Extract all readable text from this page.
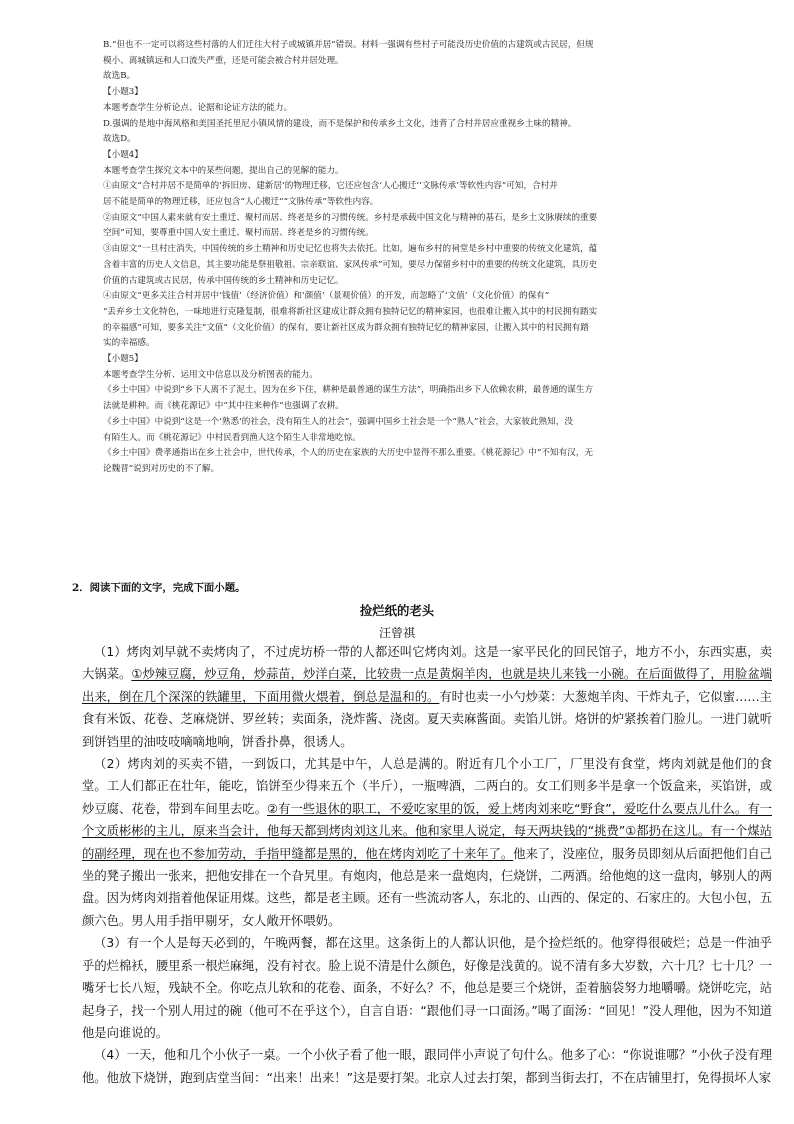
B.“但也不一定可以将这些村落的人们迁往大村子或城镇并居”错误。材料一强调有些村子可能没历史价值的古建筑或古民居，但规

模小、离城镇远和人口流失严重，还是可能会被合村并居处理。

故选B。

【小题3】

本题考查学生分析论点、论据和论证方法的能力。

D.强调的是地中海风格和美国圣托里尼小镇风情的建设，而不是保护和传承乡土文化，违背了合村并居应重视乡土味的精神。

故选D。

【小题4】

本题考查学生探究文本中的某些问题，提出自己的见解的能力。

①由原文“合村并居不是简单的‘拆旧房、建新居’的物理迁移，它还应包含‘人心搬迁’‘文脉传承’等软性内容”可知，合村并

居不能是简单的物理迁移，还应包含“人心搬迁”“文脉传承”等软性内容。

②由原文“中国人素来就有安土重迁、聚村而居、终老是乡的习惯传统。乡村是承载中国文化与精神的基石，是乡土文脉赓续的重要

空间”可知，要尊重中国人安土重迁、聚村而居、终老是乡的习惯传统。

③由原文“一旦村庄消失，中国传统的乡土精神和历史记忆也将失去依托。比如，遍布乡村的祠堂是乡村中重要的传统文化建筑，蕴

含着丰富的历史人文信息，其主要功能是祭祖敬祖、宗亲联谊、家风传承”可知，要尽力保留乡村中的重要的传统文化建筑，具历史

价值的古建筑或古民居，传承中国传统的乡土精神和历史记忆。

④由原文“更多关注合村并居中‘钱值’（经济价值）和‘颜值’（景观价值）的开发，而忽略了‘文值’（文化价值）的保有”

“丢弃乡土文化特色，一味地进行克隆复制，很难将新社区建成让群众拥有独特记忆的精神家园，也很难让搬入其中的村民拥有踏实

的幸福感”可知，要多关注“文值”（文化价值）的保有，要让新社区成为群众拥有独特记忆的精神家园，让搬入其中的村民拥有踏

实的幸福感。

【小题5】

本题考查学生分析、运用文中信息以及分析图表的能力。

《乡土中国》中说到“乡下人离不了泥土，因为在乡下住，耕种是最普通的谋生方法”，明确指出乡下人依赖农耕，最普通的谋生方

法就是耕种。而《桃花源记》中“其中往来种作”也强调了农耕。

《乡土中国》中说到“这是一个‘熟悉’的社会，没有陌生人的社会”，强调中国乡土社会是一个“熟人”社会，大家彼此熟知，没

有陌生人。而《桃花源记》中村民看到渔人这个陌生人非常地吃惊。

《乡土中国》费孝通指出在乡土社会中，世代传承，个人的历史在家族的大历史中显得不那么重要。《桃花源记》中“不知有汉，无

论魏晋”说到对历史的不了解。

2．阅读下面的文字，完成下面小题。
捡烂纸的老头
汪曾祺

（1）烤肉刘早就不卖烤肉了，不过虎坊桥一带的人都还叫它烤肉刘。这是一家平民化的回民馆子，地方不小，东西实惠，卖大锅菜。①炒辣豆腐，炒豆角，炒蒜苗，炒洋白菜，比较贵一点是黄焖羊肉，也就是块儿来钱一小碗。在后面做得了，用脸盆端出来，倒在几个深深的铁罐里，下面用微火煨着，倒总是温和的。有时也卖一小勺炒菜：大葱炮羊肉、干炸丸子，它似蜜……主食有米饭、花卷、芝麻烧饼、罗丝转；卖面条，浇炸酱、浇卤。夏天卖麻酱面。卖馅儿饼。烙饼的炉紧挨着门脸儿。一进门就听到饼铛里的油吱吱嘀嘀地响，饼香扑鼻，很诱人。

（2）烤肉刘的买卖不错，一到饭口，尤其是中午，人总是满的。附近有几个小工厂，厂里没有食堂，烤肉刘就是他们的食堂。工人们都正在壮年，能吃，馅饼至少得来五个（半斤），一瓶啤酒，二两白的。女工们则多半是拿一个饭盒来，买馅饼，或炒豆腐、花卷，带到车间里去吃。②有一些退休的职工，不爱吃家里的饭，爱上烤肉刘来吃“野食”，爱吃什么要点儿什么。有一个文质彬彬的主儿，原来当会计，他每天都到烤肉刘这儿来。他和家里人说定，每天两块钱的“挑费”①都扔在这儿。有一个煤站的副经理，现在也不参加劳动，手指甲缝都是黑的，他在烤肉刘吃了十来年了。他来了，没座位，服务员即刻从后面把他们自己坐的凳子搬出一张来，把他安排在一个旮旯里。有炮肉，他总是来一盘炮肉，仨烧饼，二两酒。给他炮的这一盘肉，够别人的两盘。因为烤肉刘指着他保证用煤。这些，都是老主顾。还有一些流动客人，东北的、山西的、保定的、石家庄的。大包小包，五颜六色。男人用手指甲剔牙，女人敞开怀喂奶。

（3）有一个人是每天必到的，午晚两餐，都在这里。这条街上的人都认识他，是个捡烂纸的。他穿得很破烂；总是一件油乎乎的烂棉袄，腰里系一根烂麻绳，没有衬衣。脸上说不清是什么颜色，好像是浅黄的。说不清有多大岁数，六十几？七十几？一嘴牙七长八短，残缺不全。你吃点儿软和的花卷、面条，不好么？不，他总是要三个烧饼，歪着脑袋努力地嚼嚼。烧饼吃完，站起身子，找一个别人用过的碗（他可不在乎这个），自言自语：“跟他们寻一口面汤。”喝了面汤：“回见！”没人理他，因为不知道他是向谁说的。

（4）一天，他和几个小伙子一桌。一个小伙子看了他一眼，跟同伴小声说了句什么。他多了心：“你说谁哪？”小伙子没有理他。他放下烧饼，跑到店堂当间：“出来！出来！”这是要打架。北京人过去打架，都到当街去打，不在店铺里打，免得损坏人家
